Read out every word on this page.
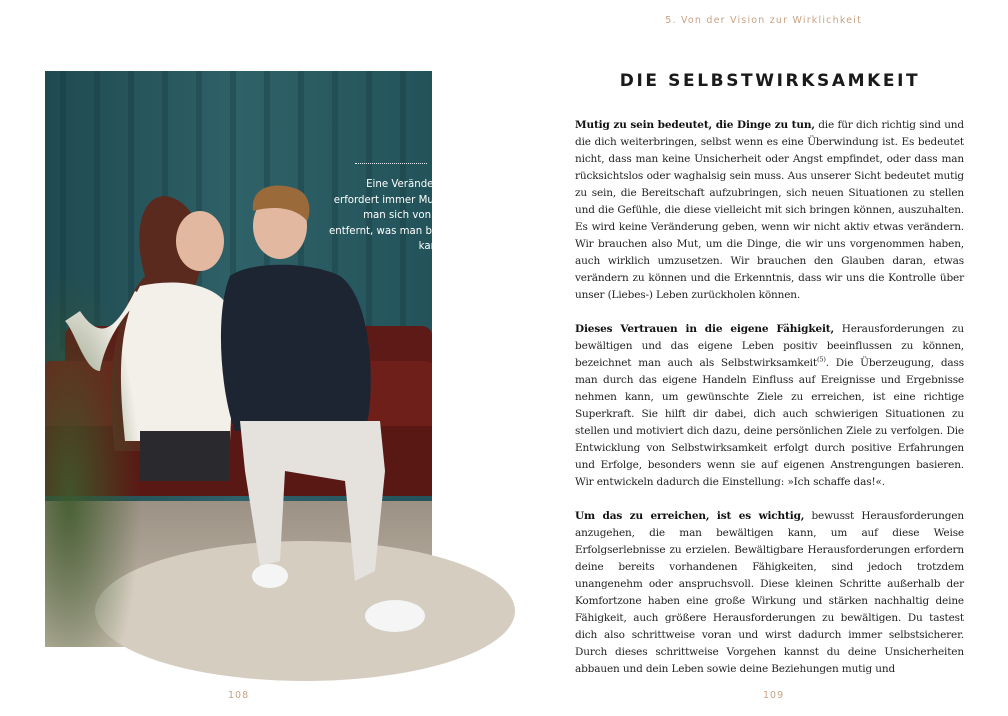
Eine Veränderung erfordert immer Mut, da man sich von dem entfernt, was man bisher kannte.
108
5. Von der Vision zur Wirklichkeit
DIE SELBSTWIRKSAMKEIT

Mutig zu sein bedeutet, die Dinge zu tun, die für dich richtig sind und die dich weiterbringen, selbst wenn es eine Überwindung ist. Es bedeutet nicht, dass man keine Unsicherheit oder Angst empfindet, oder dass man rücksichtslos oder waghalsig sein muss. Aus unserer Sicht bedeutet mutig zu sein, die Bereitschaft aufzubringen, sich neuen Situationen zu stellen und die Gefühle, die diese vielleicht mit sich bringen können, auszuhalten. Es wird keine Veränderung geben, wenn wir nicht aktiv etwas verändern. Wir brauchen also Mut, um die Dinge, die wir uns vorgenommen haben, auch wirklich umzusetzen. Wir brauchen den Glauben daran, etwas verändern zu können und die Erkenntnis, dass wir uns die Kontrolle über unser (Liebes-) Leben zurückholen können.

Dieses Vertrauen in die eigene Fähigkeit, Herausforderungen zu bewältigen und das eigene Leben positiv beeinflussen zu können, bezeichnet man auch als Selbstwirksamkeit$^{(5)}$. Die Überzeugung, dass man durch das eigene Handeln Einfluss auf Ereignisse und Ergebnisse nehmen kann, um gewünschte Ziele zu erreichen, ist eine richtige Superkraft. Sie hilft dir dabei, dich auch schwierigen Situationen zu stellen und motiviert dich dazu, deine persönlichen Ziele zu verfolgen. Die Entwicklung von Selbstwirksamkeit erfolgt durch positive Erfahrungen und Erfolge, besonders wenn sie auf eigenen Anstrengungen basieren. Wir entwickeln dadurch die Einstellung: »Ich schaffe das!«.

Um das zu erreichen, ist es wichtig, bewusst Herausforderungen anzugehen, die man bewältigen kann, um auf diese Weise Erfolgserlebnisse zu erzielen. Bewältigbare Herausforderungen erfordern deine bereits vorhandenen Fähigkeiten, sind jedoch trotzdem unangenehm oder anspruchsvoll. Diese kleinen Schritte außerhalb der Komfortzone haben eine große Wirkung und stärken nachhaltig deine Fähigkeit, auch größere Herausforderungen zu bewältigen. Du tastest dich also schrittweise voran und wirst dadurch immer selbstsicherer. Durch dieses schrittweise Vorgehen kannst du deine Unsicherheiten abbauen und dein Leben sowie deine Beziehungen mutig und

109
